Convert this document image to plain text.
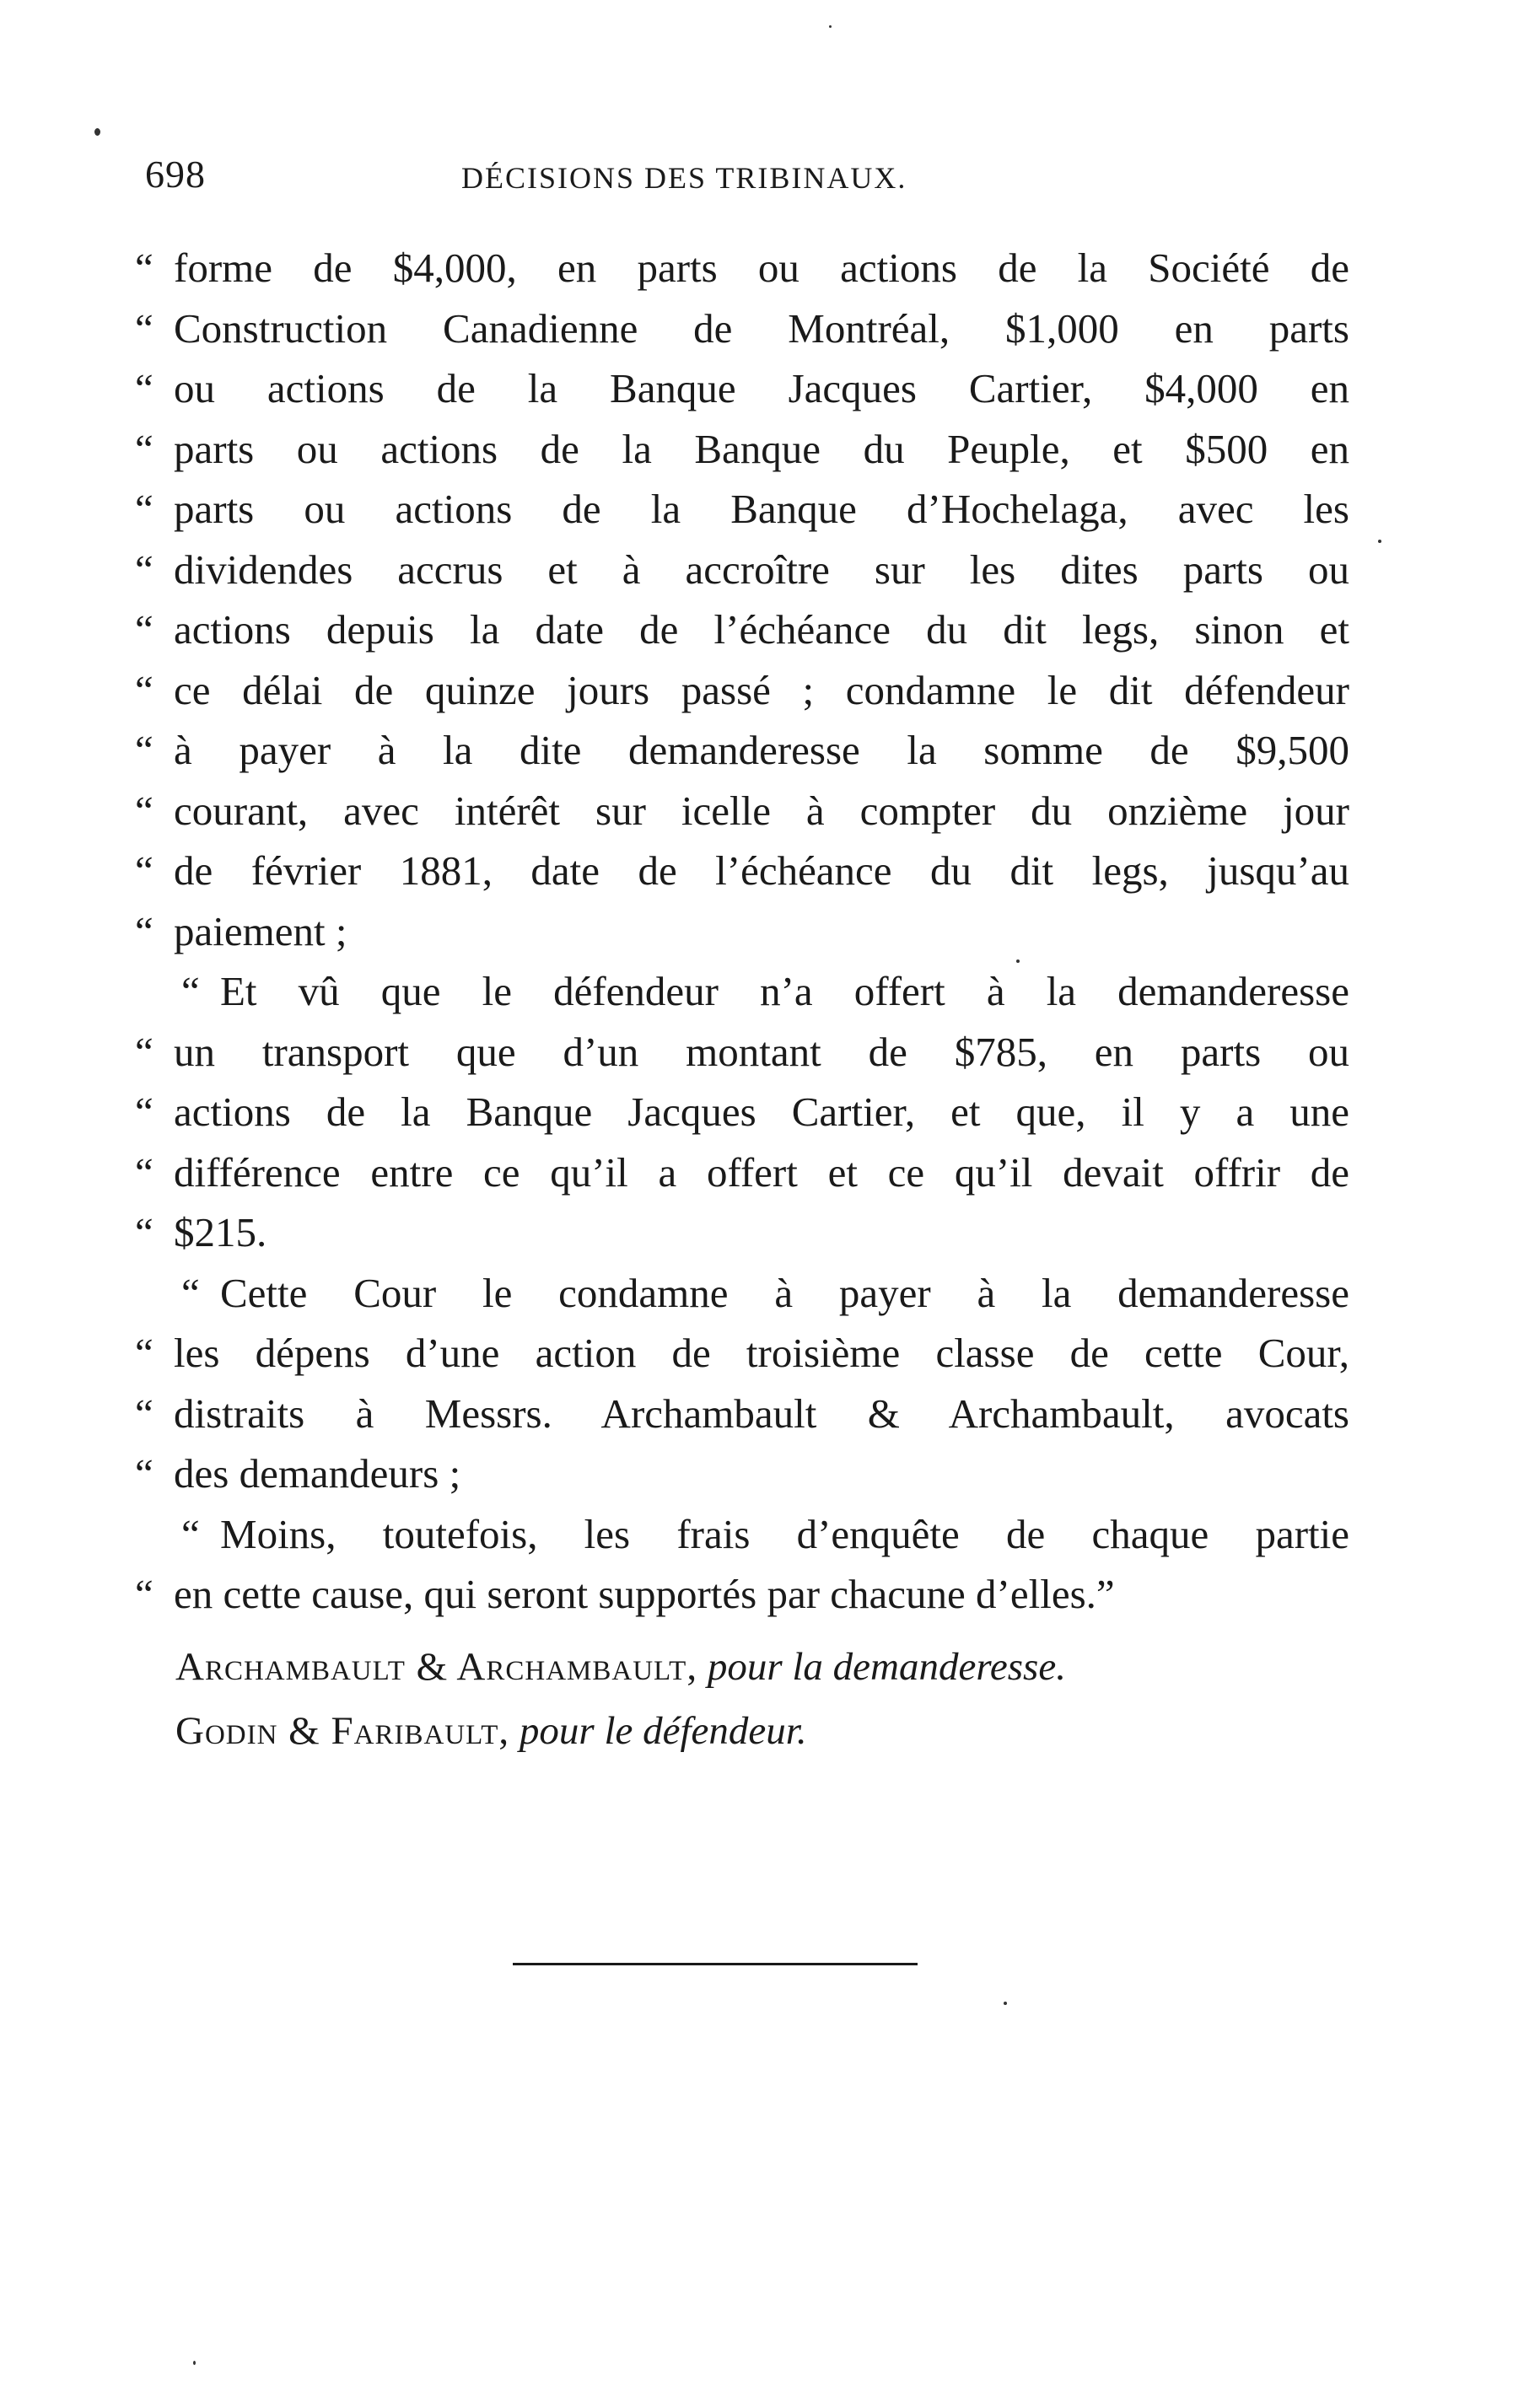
698	DÉCISIONS DES TRIBINAUX.
“ forme de $4,000, en parts ou actions de la Société de
“ Construction Canadienne de Montréal, $1,000 en parts
“ ou actions de la Banque Jacques Cartier, $4,000 en
“ parts ou actions de la Banque du Peuple, et $500 en
“ parts ou actions de la Banque d’Hochelaga, avec les
“ dividendes accrus et à accroître sur les dites parts ou
“ actions depuis la date de l’échéance du dit legs, sinon et
“ ce délai de quinze jours passé ; condamne le dit défendeur
“ à payer à la dite demanderesse la somme de $9,500
“ courant, avec intérêt sur icelle à compter du onzième jour
“ de février 1881, date de l’échéance du dit legs, jusqu’au
“ paiement ;
“ Et vû que le défendeur n’a offert à la demanderesse
“ un transport que d’un montant de $785, en parts ou
“ actions de la Banque Jacques Cartier, et que, il y a une
“ différence entre ce qu’il a offert et ce qu’il devait offrir de
“ $215.
“ Cette Cour le condamne à payer à la demanderesse
“ les dépens d’une action de troisième classe de cette Cour,
“ distraits à Messrs. Archambault & Archambault, avocats
“ des demandeurs ;
“ Moins, toutefois, les frais d’enquête de chaque partie
“ en cette cause, qui seront supportés par chacune d’elles.”
Archambault & Archambault, pour la demanderesse.
Godin & Faribault, pour le défendeur.
